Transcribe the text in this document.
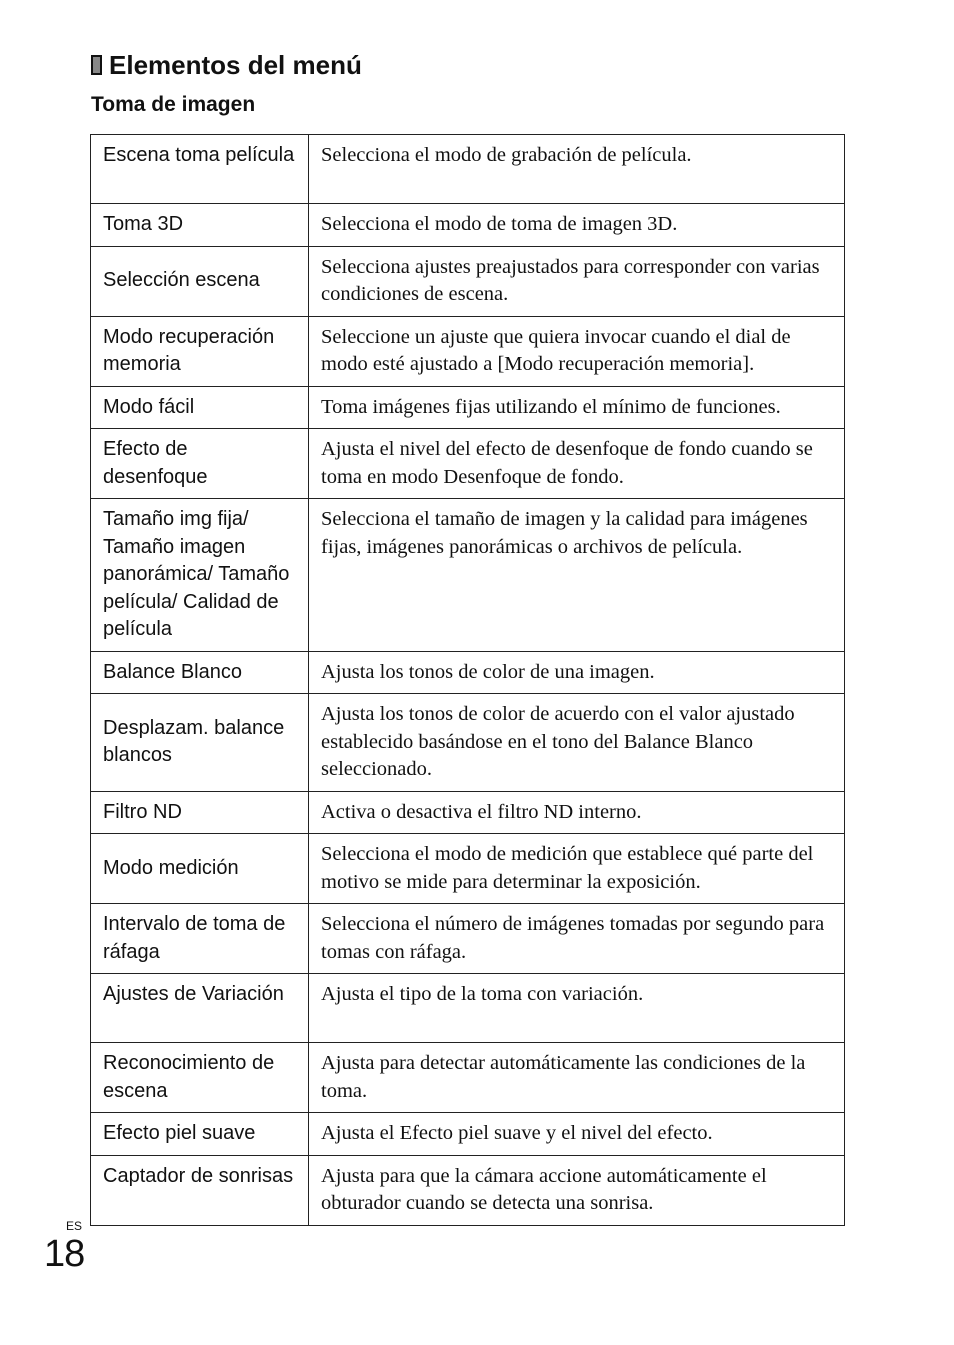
Elementos del menú
Toma de imagen
Escena toma película	Selecciona el modo de grabación de película.
Toma 3D	Selecciona el modo de toma de imagen 3D.
Selección escena	Selecciona ajustes preajustados para corresponder con varias condiciones de escena.
Modo recuperación memoria	Seleccione un ajuste que quiera invocar cuando el dial de modo esté ajustado a [Modo recuperación memoria].
Modo fácil	Toma imágenes fijas utilizando el mínimo de funciones.
Efecto de desenfoque	Ajusta el nivel del efecto de desenfoque de fondo cuando se toma en modo Desenfoque de fondo.
Tamaño img fija/ Tamaño imagen panorámica/ Tamaño película/ Calidad de película	Selecciona el tamaño de imagen y la calidad para imágenes fijas, imágenes panorámicas o archivos de película.
Balance Blanco	Ajusta los tonos de color de una imagen.
Desplazam. balance blancos	Ajusta los tonos de color de acuerdo con el valor ajustado establecido basándose en el tono del Balance Blanco seleccionado.
Filtro ND	Activa o desactiva el filtro ND interno.
Modo medición	Selecciona el modo de medición que establece qué parte del motivo se mide para determinar la exposición.
Intervalo de toma de ráfaga	Selecciona el número de imágenes tomadas por segundo para tomas con ráfaga.
Ajustes de Variación	Ajusta el tipo de la toma con variación.
Reconocimiento de escena	Ajusta para detectar automáticamente las condiciones de la toma.
Efecto piel suave	Ajusta el Efecto piel suave y el nivel del efecto.
Captador de sonrisas	Ajusta para que la cámara accione automáticamente el obturador cuando se detecta una sonrisa.
ES
18
